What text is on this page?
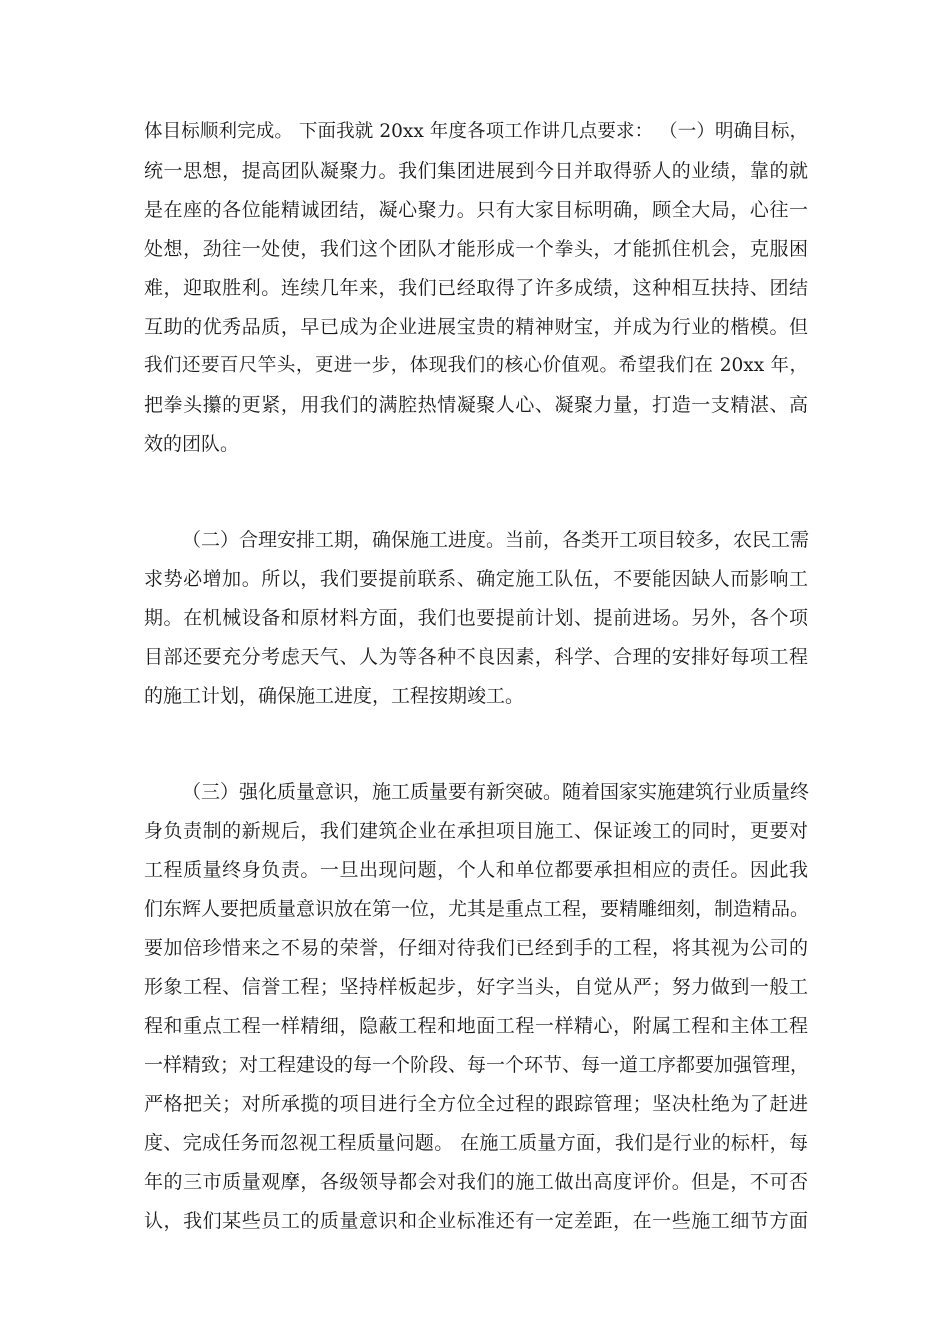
体目标顺利完成。 下面我就 20xx 年度各项工作讲几点要求： （一）明确目标，
统一思想，提高团队凝聚力。我们集团进展到今日并取得骄人的业绩，靠的就
是在座的各位能精诚团结，凝心聚力。只有大家目标明确，顾全大局，心往一
处想，劲往一处使，我们这个团队才能形成一个拳头，才能抓住机会，克服困
难，迎取胜利。连续几年来，我们已经取得了许多成绩，这种相互扶持、团结
互助的优秀品质，早已成为企业进展宝贵的精神财宝，并成为行业的楷模。但
我们还要百尺竿头，更进一步，体现我们的核心价值观。希望我们在 20xx 年，
把拳头攥的更紧，用我们的满腔热情凝聚人心、凝聚力量，打造一支精湛、高
效的团队。
（二）合理安排工期，确保施工进度。当前，各类开工项目较多，农民工需
求势必增加。所以，我们要提前联系、确定施工队伍，不要能因缺人而影响工
期。在机械设备和原材料方面，我们也要提前计划、提前进场。另外，各个项
目部还要充分考虑天气、人为等各种不良因素，科学、合理的安排好每项工程
的施工计划，确保施工进度，工程按期竣工。
（三）强化质量意识，施工质量要有新突破。随着国家实施建筑行业质量终
身负责制的新规后，我们建筑企业在承担项目施工、保证竣工的同时，更要对
工程质量终身负责。一旦出现问题，个人和单位都要承担相应的责任。因此我
们东辉人要把质量意识放在第一位，尤其是重点工程，要精雕细刻，制造精品。
要加倍珍惜来之不易的荣誉，仔细对待我们已经到手的工程，将其视为公司的
形象工程、信誉工程；坚持样板起步，好字当头，自觉从严；努力做到一般工
程和重点工程一样精细，隐蔽工程和地面工程一样精心，附属工程和主体工程
一样精致；对工程建设的每一个阶段、每一个环节、每一道工序都要加强管理，
严格把关；对所承揽的项目进行全方位全过程的跟踪管理；坚决杜绝为了赶进
度、完成任务而忽视工程质量问题。 在施工质量方面，我们是行业的标杆，每
年的三市质量观摩，各级领导都会对我们的施工做出高度评价。但是，不可否
认，我们某些员工的质量意识和企业标准还有一定差距，在一些施工细节方面
